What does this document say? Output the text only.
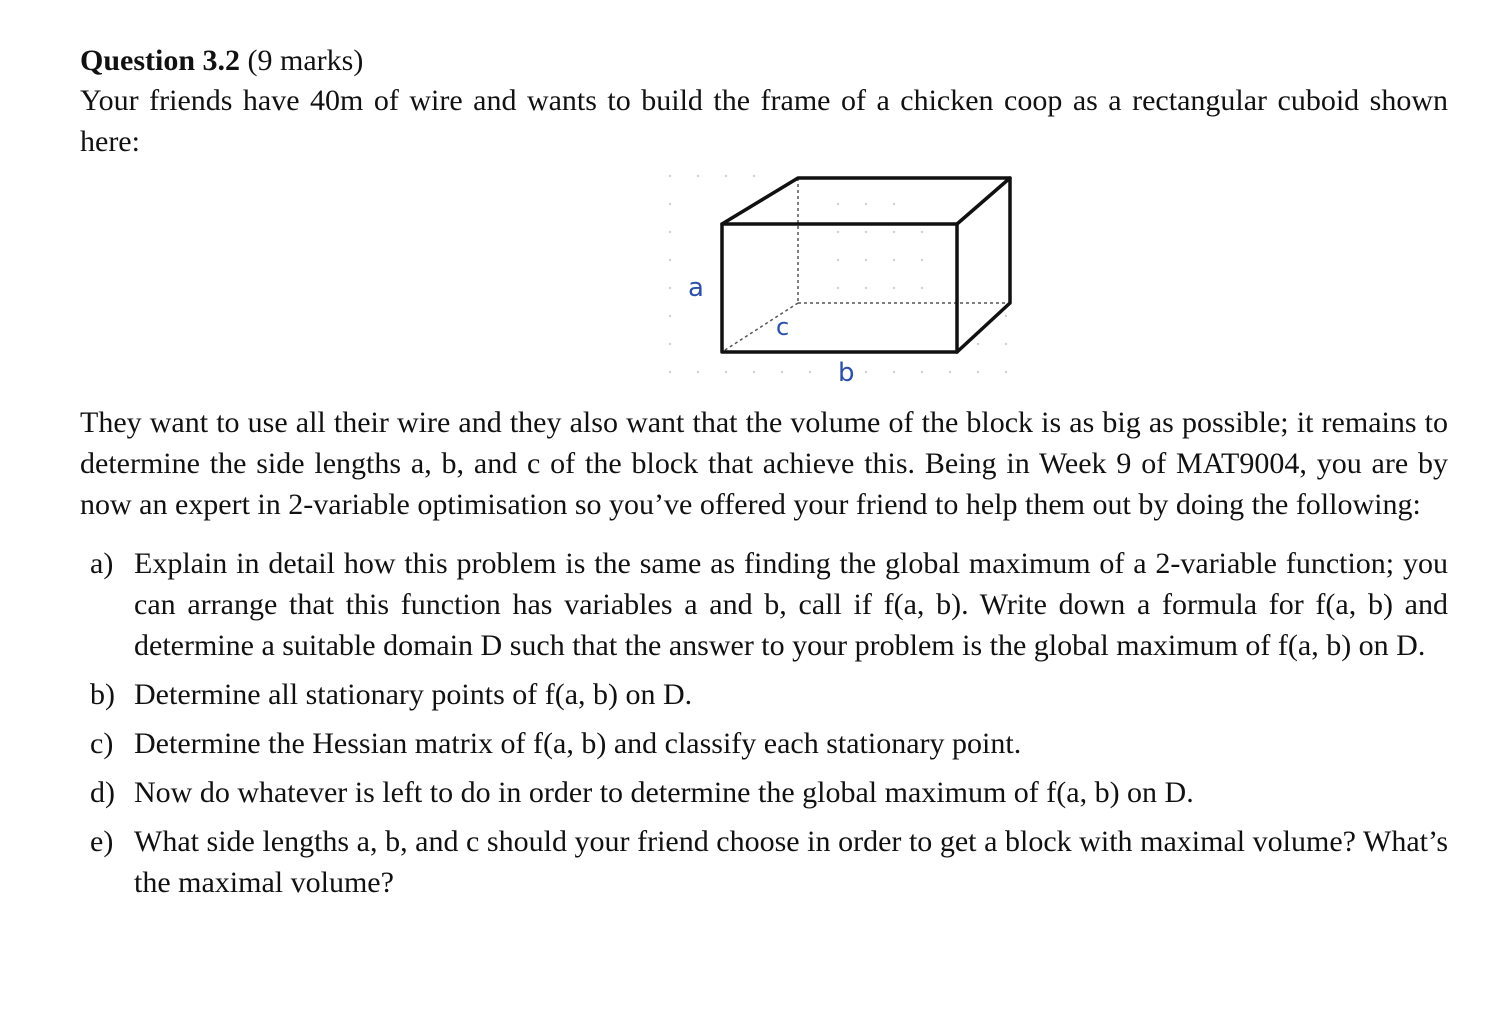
Question 3.2 (9 marks)

Your friends have 40m of wire and wants to build the frame of a chicken coop as a rectangular cuboid shown here:

a
c
b

They want to use all their wire and they also want that the volume of the block is as big as possible; it remains to determine the side lengths a, b, and c of the block that achieve this. Being in Week 9 of MAT9004, you are by now an expert in 2-variable optimisation so you’ve offered your friend to help them out by doing the following:

a) Explain in detail how this problem is the same as finding the global maximum of a 2-variable function; you can arrange that this function has variables a and b, call if f(a, b). Write down a formula for f(a, b) and determine a suitable domain D such that the answer to your problem is the global maximum of f(a, b) on D.
b) Determine all stationary points of f(a, b) on D.
c) Determine the Hessian matrix of f(a, b) and classify each stationary point.
d) Now do whatever is left to do in order to determine the global maximum of f(a, b) on D.
e) What side lengths a, b, and c should your friend choose in order to get a block with maximal volume? What’s the maximal volume?
